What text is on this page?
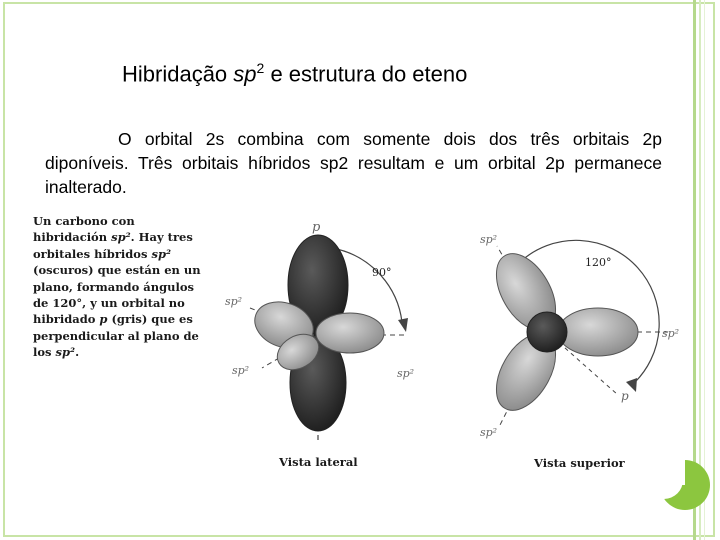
Hibridação $sp^2$ e estrutura do eteno
O orbital 2s combina com somente dois dos três orbitais 2p diponíveis. Três orbitais híbridos sp2 resultam e um orbital 2p permanece inalterado.
Un carbono con
hibridación sp². Hay tres
orbitales híbridos sp²
(oscuros) que están en un
plano, formando ángulos
de 120°, y un orbital no
hibridado p (gris) que es
perpendicular al plano de
los sp².
p
90°
sp²
sp²	sp²
120°
sp²
sp²
sp²
p
Vista lateral	Vista superior
